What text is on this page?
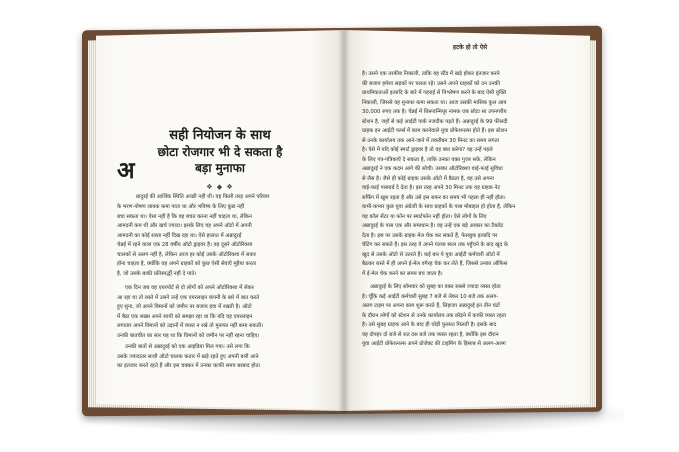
सही नियोजन के साथ
छोटा रोजगार भी दे सकता है
बड़ा मुनाफा
❖ ◆ ❖
अ
न्नादुरई की आर्थिक स्थिति अच्छी नहीं थी। वह किसी तरह अपने परिवार
के भरण-पोषण लायक कमा पाता था और भविष्य के लिए कुछ नहीं
बचा सकता था। ऐसा नहीं है कि वह बचत करना नहीं चाहता था, लेकिन
आमदनी कम थी और खर्च ज्यादा। इसके लिए वह अपने ऑटो में अपनी
आमदनी का कोई रास्ता नहीं दिख रहा था। ऐसे हालात में अन्नादुरई
चेन्नई में रहने वाला एक 28 वर्षीय ऑटो ड्राइवर है। वह दूसरे ऑटोरिक्शा
चालकों से अलग नहीं है, लेकिन आज हर कोई उसके ऑटोरिक्शा में सवार
होना चाहता है, क्योंकि वह अपने ग्राहकों को कुछ ऐसी सेवाएँ मुहैया करता
है, जो उसके बाकी प्रतिस्पर्द्धी नहीं दे पाते।
एक दिन जब वह एयरपोर्ट से दो लोगों को अपने ऑटोरिक्शा में लेकर
आ रहा था तो रास्ते में उसने उन्हें एक एयरलाइन कंपनी के बारे में बात करते
हुए सुना, जो अपने विमानों को जमीन पर बजाय हवा में रखती है। ऑटो
में बैठा एक शख्स अपने साथी को समझा रहा था कि यदि वह एयरलाइन
लगातार अपने विमानों को उड़ानों में व्यस्त न रखे तो मुनाफा नहीं कमा सकती।
उनकी बातचीत का सार यह था कि विमानों को जमीन पर नहीं रहना चाहिए।
उनकी बातों से अन्नादुरई को एक आइडिया मिल गया। उसे लगा कि
उसके ज्यादातर साथी ऑटो चालक कतार में खड़े रहते हुए अपनी बारी आने
का इंतजार करते रहते हैं और इस चक्कर में उनका काफी समय बरबाद होता
हटके हो तो ऐसे
है। उसने एक तरकीब निकाली, ताकि वह स्टैंड में खड़े होकर इंतजार करने
की बजाय हमेशा सड़कों पर चलता रहे। उसने अपने ग्राहकों को उन उनकी
प्राथमिकताओं इत्यादि के बारे में गहराई से विश्लेषण करने के बाद ऐसी युक्ति
निकाली, जिससे वह मुनाफा कमा सकता था। आज उसकी मासिक कुल आय
30,000 रुपए तक है। चेन्नई में थिरूवन्मियूर नामक एक छोटा सा उपनगरीय
स्टेशन है, जहाँ से कई आईटी पार्क नजदीक पड़ते हैं। अन्नादुरई के 99 फीसदी
ग्राहक इन आईटी फर्म्स में काम करनेवाले युवा प्रोफेशनल्स होते हैं। इस स्टेशन
से उनके कार्यालय तक आने-जाने में तकरीबन 30 मिनट का समय लगता
है। ऐसे में यदि कोई स्मार्ट ड्राइवर है तो वह क्या करेगा? वह उन्हें पहले
के लिए पत्र-पत्रिकाएँ दे सकता है, ताकि उनका वक्त गुजर सके, लेकिन
अन्नादुरई ने एक कदम आगे की सोची। उसका ऑटोरिक्शा वाई-फाई सुविधा
से लैस है। जैसे ही कोई ग्राहक उसके ऑटो में बैठता है, वह उसे अपना
वाई-फाई पासवर्ड दे देता है। इस तरह अपने 30 मिनट तक वह ग्राहक नेट
सर्फिंग में खुश रहता है और उसे इस सफर का समय भी पहला ही नहीं होता।
कभी-कभार कुछ युवा अंग्रेजी के साथ ग्राहकों के पास मोबाइल हो होता है, लेकिन
वह कॉल सेंटर या फोन पर स्मार्टफोन नहीं होता। ऐसे लोगों के लिए
अन्नादुरई के पास एक और समाधान है। वह उन्हें एक बड़े आकार का टैबलेट
देता है। इस पर उसके ग्राहक मेल चेक कर सकते हैं, फेसबुक इत्यादि पर
चेटिंग कर सकते हैं। इस तरह वे अपने गंतव्य स्थल तक पहुँचने के बाद खुद के
खुद से उसके ऑटो से उतरते हैं। कई बार ये युवा आईटी कर्मचारी ऑटो में
बैठकर रास्ते में ही अपने ई-मेल वगैरह चेक कर लेते हैं, जिससे उनका ऑफिस
में ई-मेल चेक करने का समय बच जाता है।
अन्नादुरई के लिए सोमवार को सुबह का वक्त सबसे ज्यादा व्यस्त होता
है। चूँकि कई आईटी कर्मचारी सुबह 7 बजे से लेकर 10 बजे तक अलग-
अलग टाइम पर अपना काम शुरू करते हैं, लिहाजा अन्नादुरई इन तीन घंटों
के दौरान लोगों को स्टेशन से उनके कार्यालय तक छोड़ने में काफी व्यस्त रहता
है। उसे सुबह ग्राहक आने के बाद ही थोड़ी फुरसत मिलती है। इसके बाद
वह दोपहर दो बजे से रात दस बजे तक व्यस्त रहता है, क्योंकि इस दौरान
युवा आईटी प्रोफेशनल्स अपने प्रोजेक्ट की टाइमिंग के हिसाब से अलग-अलग
